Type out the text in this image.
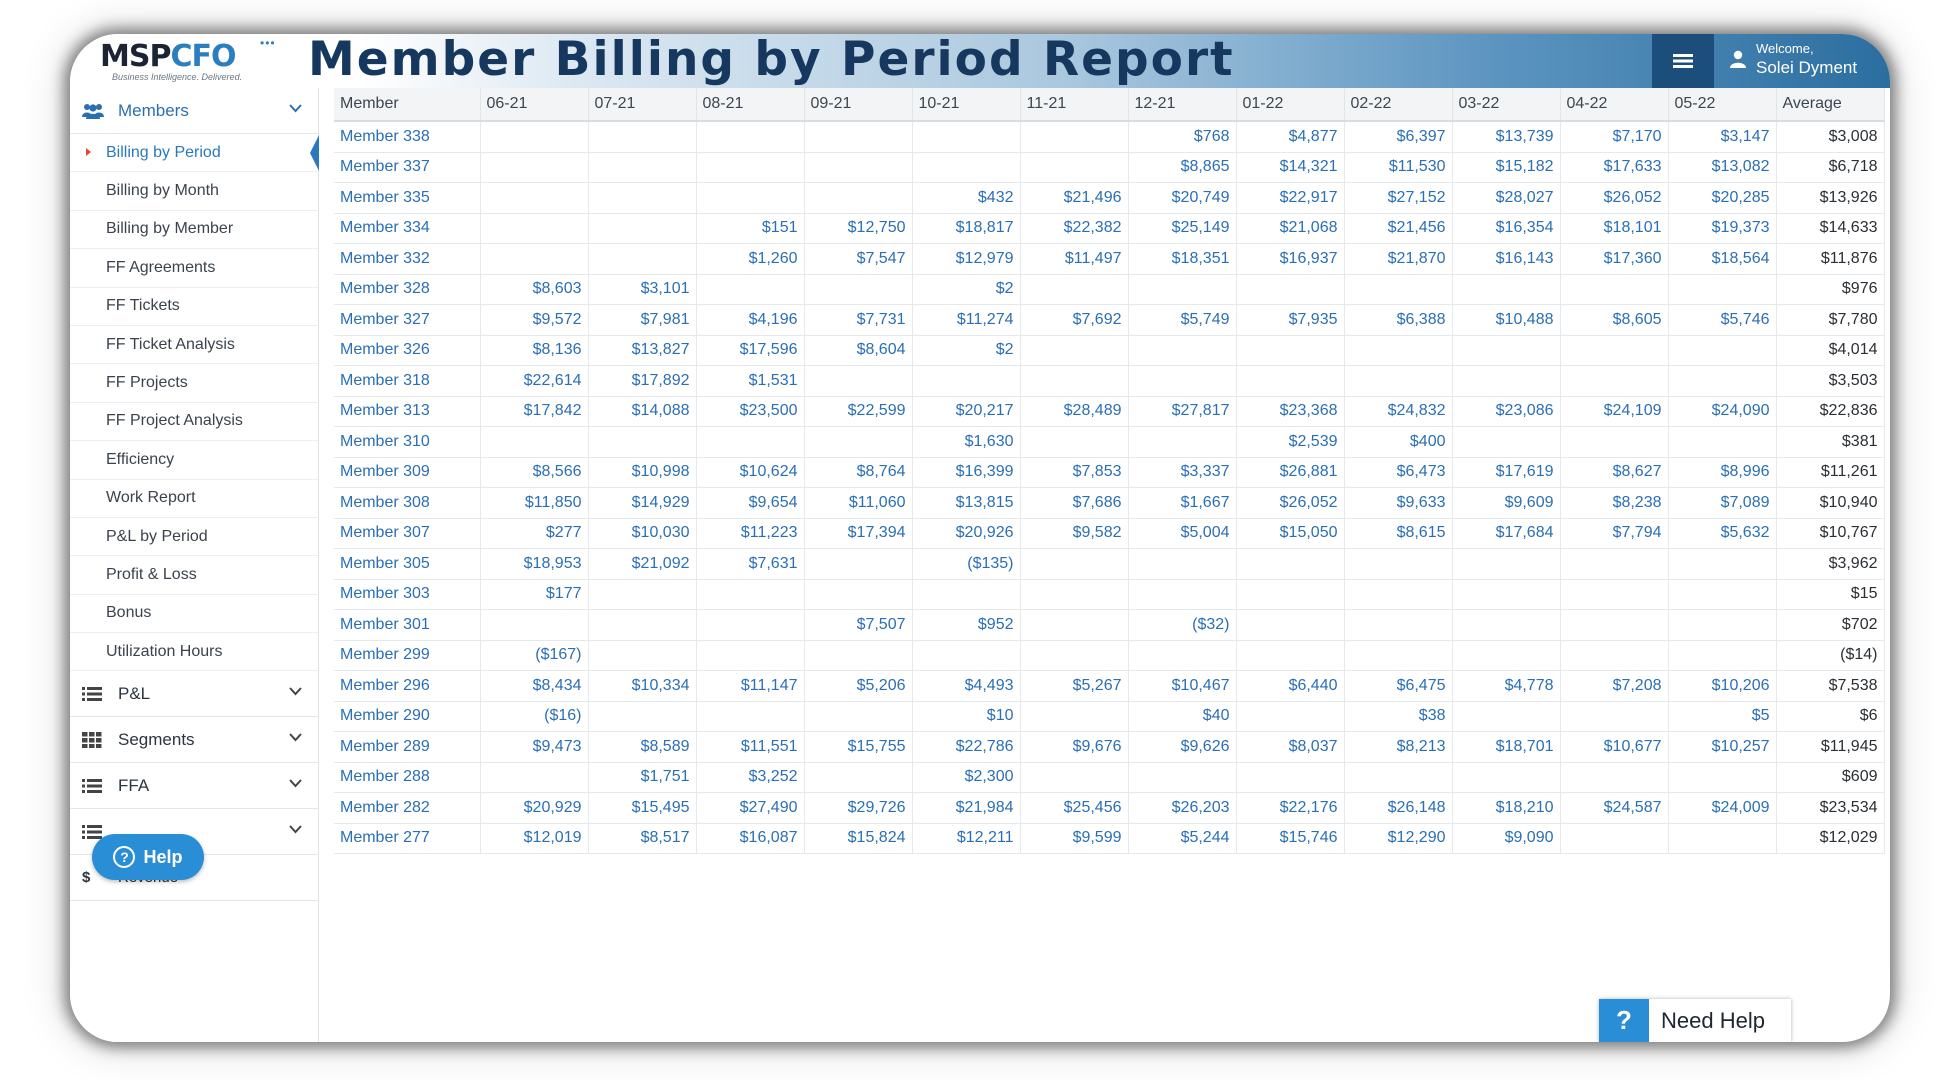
•••
MSPCFO
Business Intelligence. Delivered.	Member Billing by Period Report	Welcome,
Solei Dyment
Members
Billing by Period
Billing by Month
Billing by Member
FF Agreements
FF Tickets
FF Ticket Analysis
FF Projects
FF Project Analysis
Efficiency
Work Report
P&L by Period
Profit & Loss
Bonus
Utilization Hours
P&L
Segments
FFA
$
? Help
Member	06-21	07-21	08-21	09-21	10-21	11-21	12-21	01-22	02-22	03-22	04-22	05-22	Average
Member 338							$768	$4,877	$6,397	$13,739	$7,170	$3,147	$3,008
Member 337							$8,865	$14,321	$11,530	$15,182	$17,633	$13,082	$6,718
Member 335					$432	$21,496	$20,749	$22,917	$27,152	$28,027	$26,052	$20,285	$13,926
Member 334			$151	$12,750	$18,817	$22,382	$25,149	$21,068	$21,456	$16,354	$18,101	$19,373	$14,633
Member 332			$1,260	$7,547	$12,979	$11,497	$18,351	$16,937	$21,870	$16,143	$17,360	$18,564	$11,876
Member 328	$8,603	$3,101			$2								$976
Member 327	$9,572	$7,981	$4,196	$7,731	$11,274	$7,692	$5,749	$7,935	$6,388	$10,488	$8,605	$5,746	$7,780
Member 326	$8,136	$13,827	$17,596	$8,604	$2								$4,014
Member 318	$22,614	$17,892	$1,531										$3,503
Member 313	$17,842	$14,088	$23,500	$22,599	$20,217	$28,489	$27,817	$23,368	$24,832	$23,086	$24,109	$24,090	$22,836
Member 310					$1,630			$2,539	$400				$381
Member 309	$8,566	$10,998	$10,624	$8,764	$16,399	$7,853	$3,337	$26,881	$6,473	$17,619	$8,627	$8,996	$11,261
Member 308	$11,850	$14,929	$9,654	$11,060	$13,815	$7,686	$1,667	$26,052	$9,633	$9,609	$8,238	$7,089	$10,940
Member 307	$277	$10,030	$11,223	$17,394	$20,926	$9,582	$5,004	$15,050	$8,615	$17,684	$7,794	$5,632	$10,767
Member 305	$18,953	$21,092	$7,631		($135)								$3,962
Member 303	$177												$15
Member 301				$7,507	$952		($32)						$702
Member 299	($167)												($14)
Member 296	$8,434	$10,334	$11,147	$5,206	$4,493	$5,267	$10,467	$6,440	$6,475	$4,778	$7,208	$10,206	$7,538
Member 290	($16)				$10		$40		$38			$5	$6
Member 289	$9,473	$8,589	$11,551	$15,755	$22,786	$9,676	$9,626	$8,037	$8,213	$18,701	$10,677	$10,257	$11,945
Member 288		$1,751	$3,252		$2,300								$609
Member 282	$20,929	$15,495	$27,490	$29,726	$21,984	$25,456	$26,203	$22,176	$26,148	$18,210	$24,587	$24,009	$23,534
Member 277	$12,019	$8,517	$16,087	$15,824	$12,211	$9,599	$5,244	$15,746	$12,290	$9,090			$12,029
?	Need Help
